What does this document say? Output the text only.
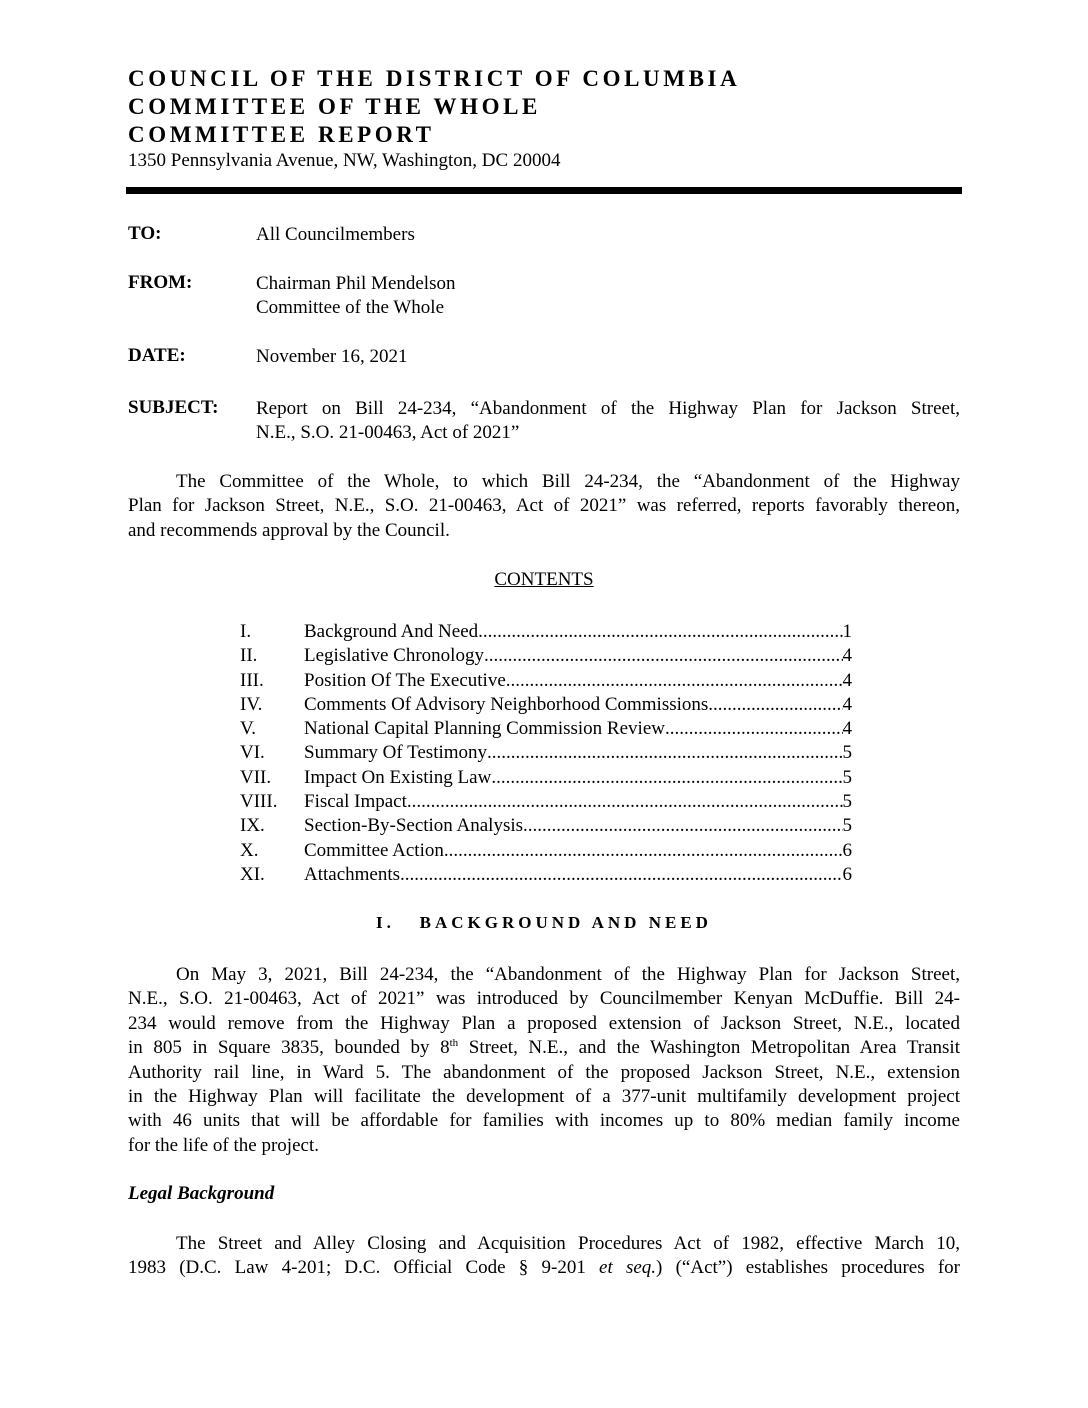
COUNCIL OF THE DISTRICT OF COLUMBIA
COMMITTEE OF THE WHOLE
COMMITTEE REPORT
1350 Pennsylvania Avenue, NW, Washington, DC 20004
TO:	All Councilmembers
FROM:	Chairman Phil Mendelson
Committee of the Whole
DATE:	November 16, 2021
SUBJECT: Report on Bill 24-234, “Abandonment of the Highway Plan for Jackson Street,
N.E., S.O. 21-00463, Act of 2021”
The Committee of the Whole, to which Bill 24-234, the “Abandonment of the Highway
Plan for Jackson Street, N.E., S.O. 21-00463, Act of 2021” was referred, reports favorably thereon,
and recommends approval by the Council.
CONTENTS
I.	Background And Need .....	1
II. Legislative Chronology .....	4
III. Position Of The Executive .....	4
IV. Comments Of Advisory Neighborhood Commissions .....	4
V.	National Capital Planning Commission Review .....	4
VI. Summary Of Testimony .....	5
VII. Impact On Existing Law .....	5
VIII. Fiscal Impact .....	5
IX. Section-By-Section Analysis .....	5
X. Committee Action .....	6
XI. Attachments .....	6
I.   BACKGROUND AND NEED
On May 3, 2021, Bill 24-234, the “Abandonment of the Highway Plan for Jackson Street,
N.E., S.O. 21-00463, Act of 2021” was introduced by Councilmember Kenyan McDuffie. Bill 24-
234 would remove from the Highway Plan a proposed extension of Jackson Street, N.E., located
in 805 in Square 3835, bounded by 8th Street, N.E., and the Washington Metropolitan Area Transit
Authority rail line, in Ward 5. The abandonment of the proposed Jackson Street, N.E., extension
in the Highway Plan will facilitate the development of a 377-unit multifamily development project
with 46 units that will be affordable for families with incomes up to 80% median family income
for the life of the project.
Legal Background
The Street and Alley Closing and Acquisition Procedures Act of 1982, effective March 10,
1983 (D.C. Law 4-201; D.C. Official Code § 9-201 et seq.) (“Act”) establishes procedures for
